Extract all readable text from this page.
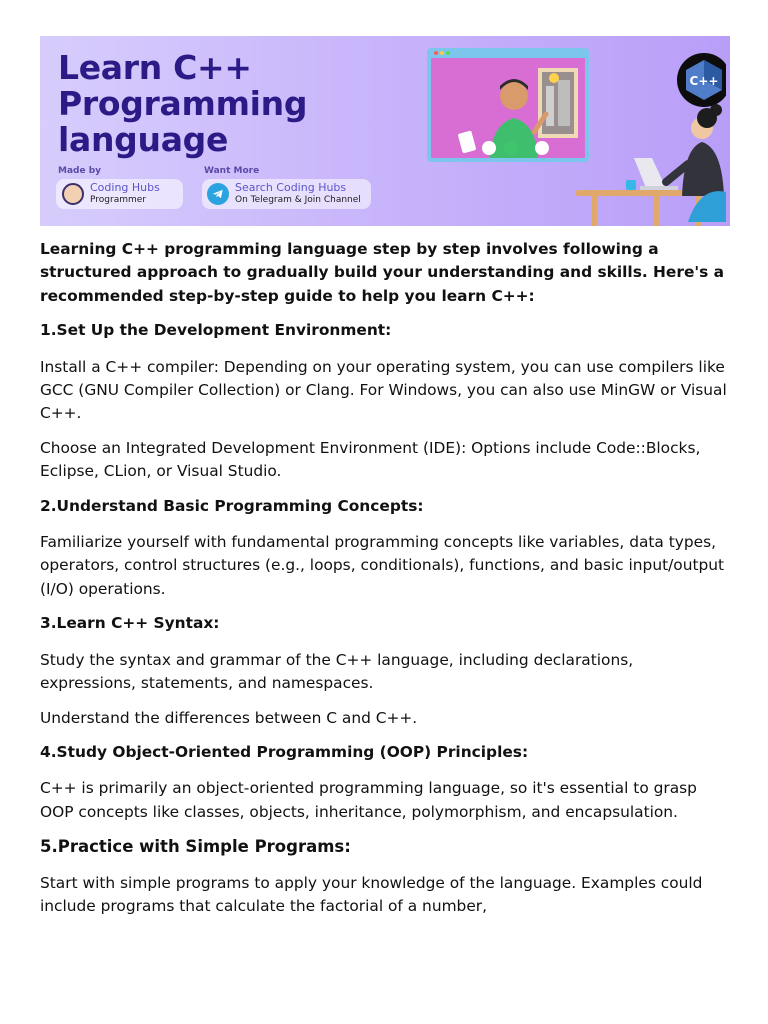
Learn C++
Programming
language
Made by
Coding Hubs
Programmer
Want More
Search Coding Hubs
On Telegram & Join Channel
C++

Learning C++ programming language step by step involves following a structured approach to gradually build your understanding and skills. Here's a recommended step-by-step guide to help you learn C++:

1.Set Up the Development Environment:

Install a C++ compiler: Depending on your operating system, you can use compilers like GCC (GNU Compiler Collection) or Clang. For Windows, you can also use MinGW or Visual C++.

Choose an Integrated Development Environment (IDE): Options include Code::Blocks, Eclipse, CLion, or Visual Studio.

2.Understand Basic Programming Concepts:

Familiarize yourself with fundamental programming concepts like variables, data types, operators, control structures (e.g., loops, conditionals), functions, and basic input/output (I/O) operations.

3.Learn C++ Syntax:

Study the syntax and grammar of the C++ language, including declarations, expressions, statements, and namespaces.

Understand the differences between C and C++.

4.Study Object-Oriented Programming (OOP) Principles:

C++ is primarily an object-oriented programming language, so it's essential to grasp OOP concepts like classes, objects, inheritance, polymorphism, and encapsulation.

5.Practice with Simple Programs:

Start with simple programs to apply your knowledge of the language. Examples could include programs that calculate the factorial of a number,
